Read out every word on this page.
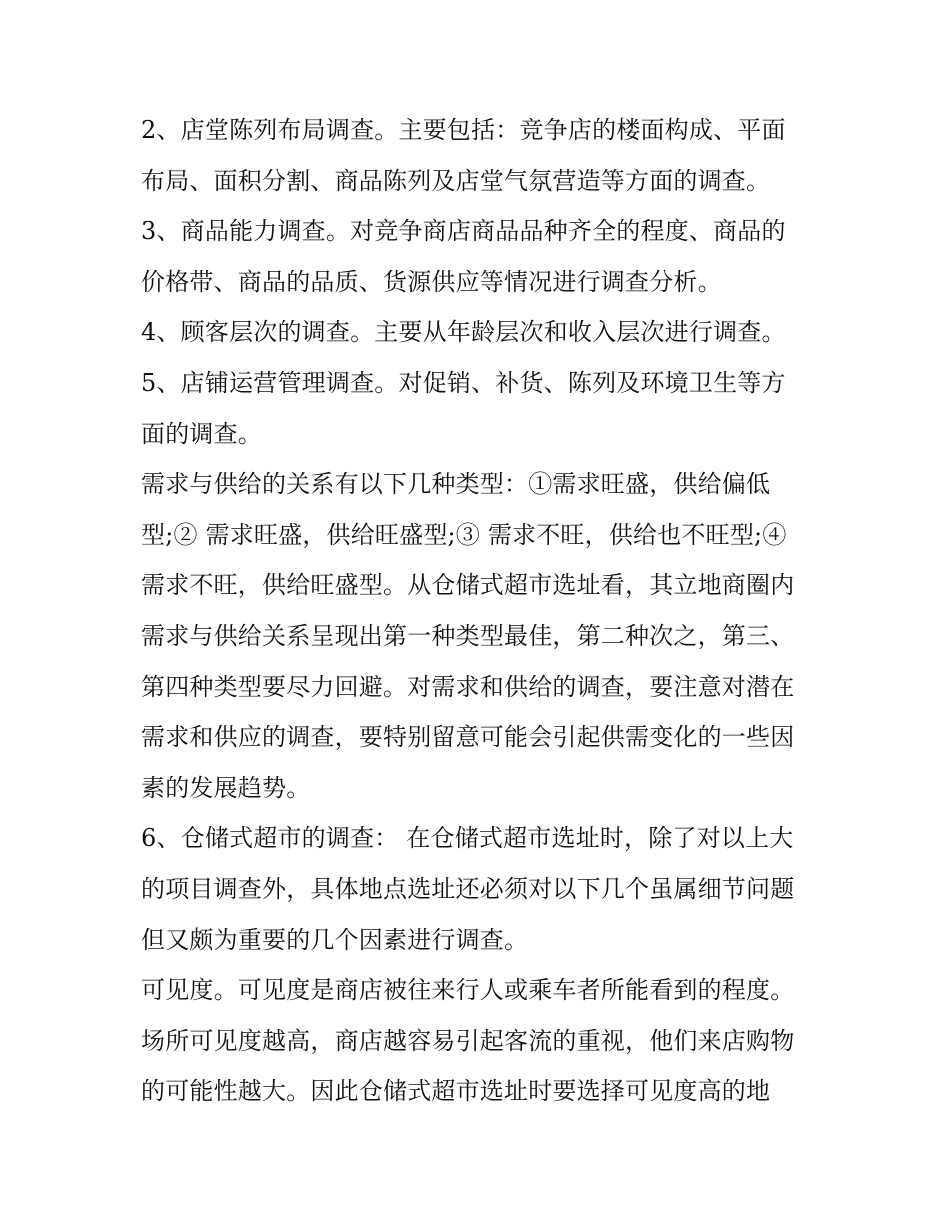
2、店堂陈列布局调查。主要包括：竞争店的楼面构成、平面
布局、面积分割、商品陈列及店堂气氛营造等方面的调查。
3、商品能力调查。对竞争商店商品品种齐全的程度、商品的
价格带、商品的品质、货源供应等情况进行调查分析。
4、顾客层次的调查。主要从年龄层次和收入层次进行调查。
5、店铺运营管理调查。对促销、补货、陈列及环境卫生等方
面的调查。
需求与供给的关系有以下几种类型：①需求旺盛，供给偏低
型;② 需求旺盛，供给旺盛型;③ 需求不旺，供给也不旺型;④
需求不旺，供给旺盛型。从仓储式超市选址看，其立地商圈内
需求与供给关系呈现出第一种类型最佳，第二种次之，第三、
第四种类型要尽力回避。对需求和供给的调查，要注意对潜在
需求和供应的调查，要特别留意可能会引起供需变化的一些因
素的发展趋势。
6、仓储式超市的调查： 在仓储式超市选址时，除了对以上大
的项目调查外，具体地点选址还必须对以下几个虽属细节问题
但又颇为重要的几个因素进行调查。
可见度。可见度是商店被往来行人或乘车者所能看到的程度。
场所可见度越高，商店越容易引起客流的重视，他们来店购物
的可能性越大。因此仓储式超市选址时要选择可见度高的地
